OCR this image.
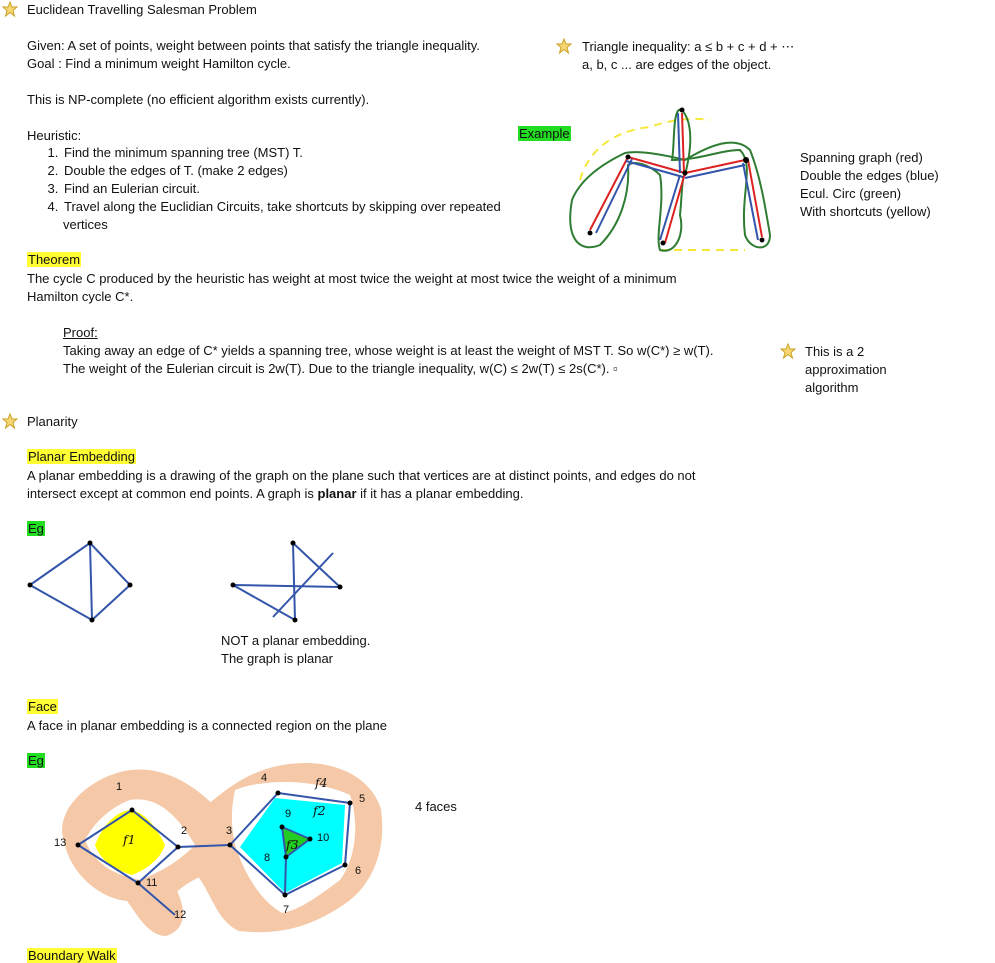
Euclidean Travelling Salesman Problem
Given: A set of points, weight between points that satisfy the triangle inequality.
Goal : Find a minimum weight Hamilton cycle.
This is NP-complete (no efficient algorithm exists currently).
Heuristic:
1. Find the minimum spanning tree (MST) T.
2. Double the edges of T. (make 2 edges)
3. Find an Eulerian circuit.
4. Travel along the Euclidian Circuits, take shortcuts by skipping over repeated
vertices
Triangle inequality: a ≤ b + c + d + ⋯
a, b, c ... are edges of the object.
Example
Spanning graph (red)
Double the edges (blue)
Ecul. Circ (green)
With shortcuts (yellow)
Theorem
The cycle C produced by the heuristic has weight at most twice the weight at most twice the weight of a minimum
Hamilton cycle C*.
Proof:
Taking away an edge of C* yields a spanning tree, whose weight is at least the weight of MST T. So w(C*) ≥ w(T).
The weight of the Eulerian circuit is 2w(T). Due to the triangle inequality, w(C) ≤ 2w(T) ≤ 2s(C*). ▫
This is a 2
approximation
algorithm
Planarity
Planar Embedding
A planar embedding is a drawing of the graph on the plane such that vertices are at distinct points, and edges do not
intersect except at common end points. A graph is planar if it has a planar embedding.
Eg
NOT a planar embedding.
The graph is planar
Face
A face in planar embedding is a connected region on the plane
Eg
1
2	3
4
5
6
7
8
9
10
11
12
13	f1
f2
f3
f4
4 faces
Boundary Walk
